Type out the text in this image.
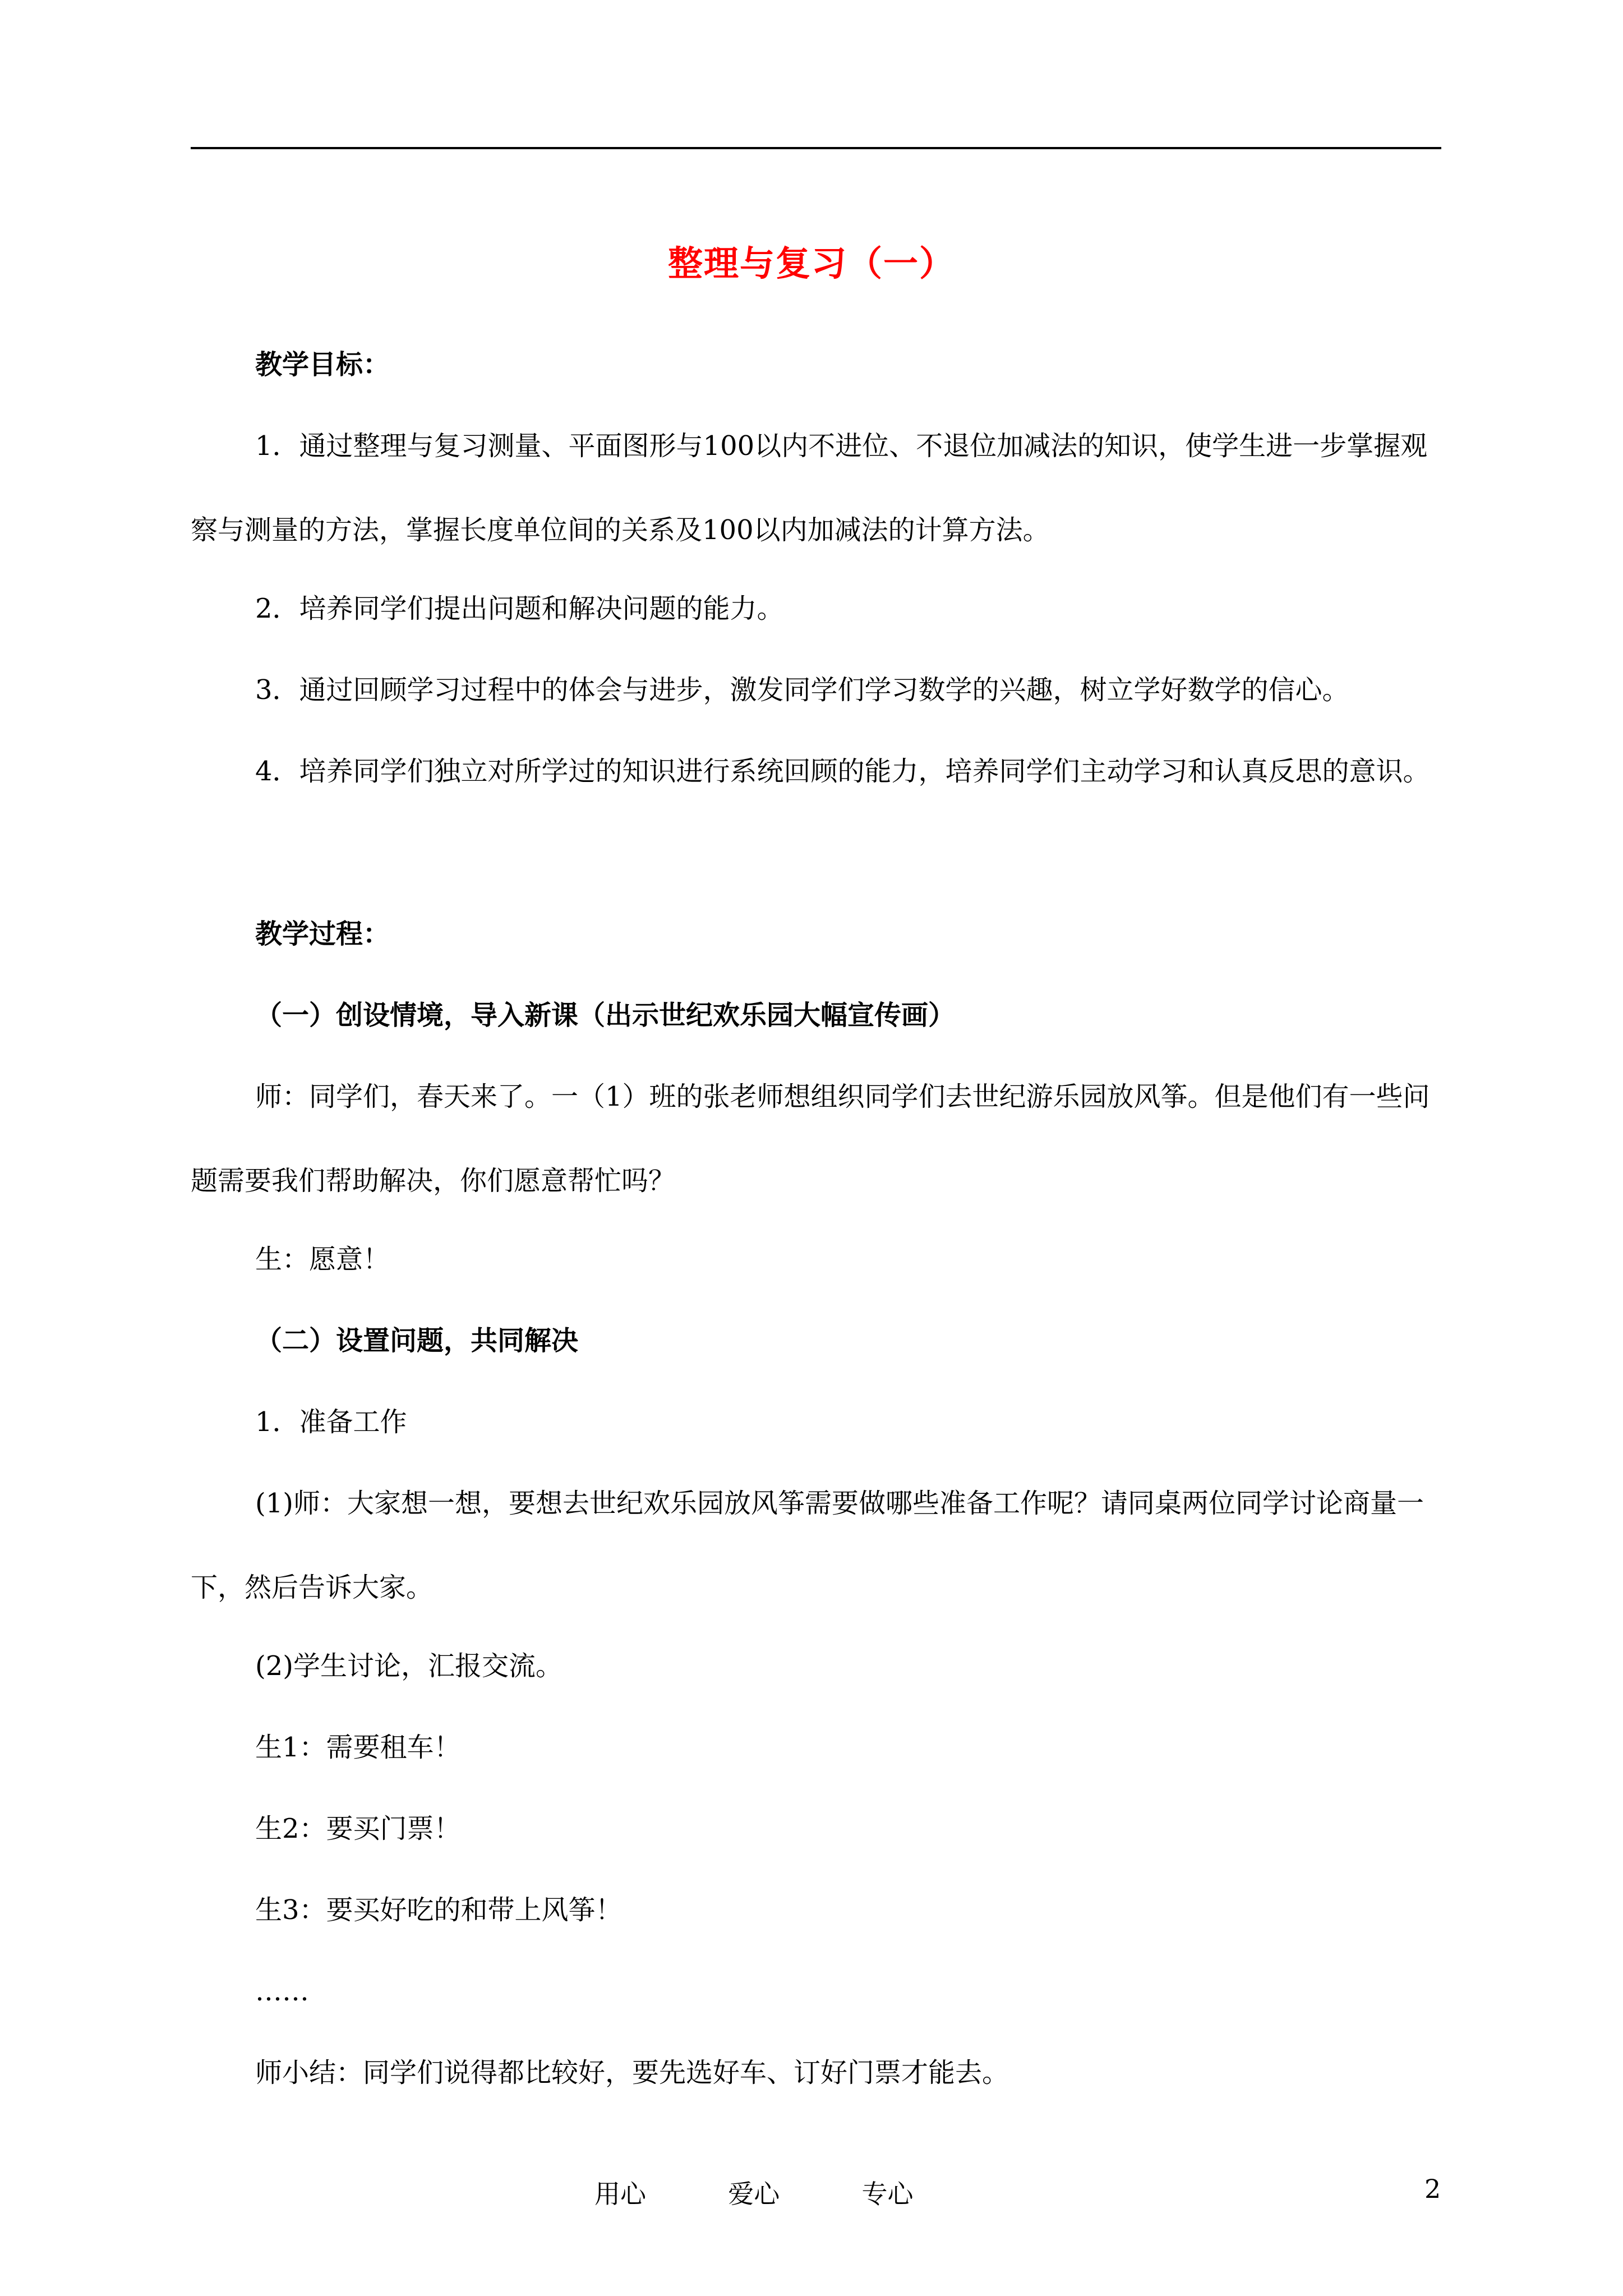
整理与复习（一）

教学目标：

1．通过整理与复习测量、平面图形与100以内不进位、不退位加减法的知识，使学生进一步掌握观察与测量的方法，掌握长度单位间的关系及100以内加减法的计算方法。

2．培养同学们提出问题和解决问题的能力。

3．通过回顾学习过程中的体会与进步，激发同学们学习数学的兴趣，树立学好数学的信心。

4．培养同学们独立对所学过的知识进行系统回顾的能力，培养同学们主动学习和认真反思的意识。

教学过程：

（一）创设情境，导入新课（出示世纪欢乐园大幅宣传画）

师：同学们，春天来了。一（1）班的张老师想组织同学们去世纪游乐园放风筝。但是他们有一些问题需要我们帮助解决，你们愿意帮忙吗？

生：愿意！

（二）设置问题，共同解决

1．准备工作

(1)师：大家想一想，要想去世纪欢乐园放风筝需要做哪些准备工作呢？请同桌两位同学讨论商量一下，然后告诉大家。

(2)学生讨论，汇报交流。

生1：需要租车！

生2：要买门票！

生3：要买好吃的和带上风筝！

……

师小结：同学们说得都比较好，要先选好车、订好门票才能去。

用心	爱心	专心	2
